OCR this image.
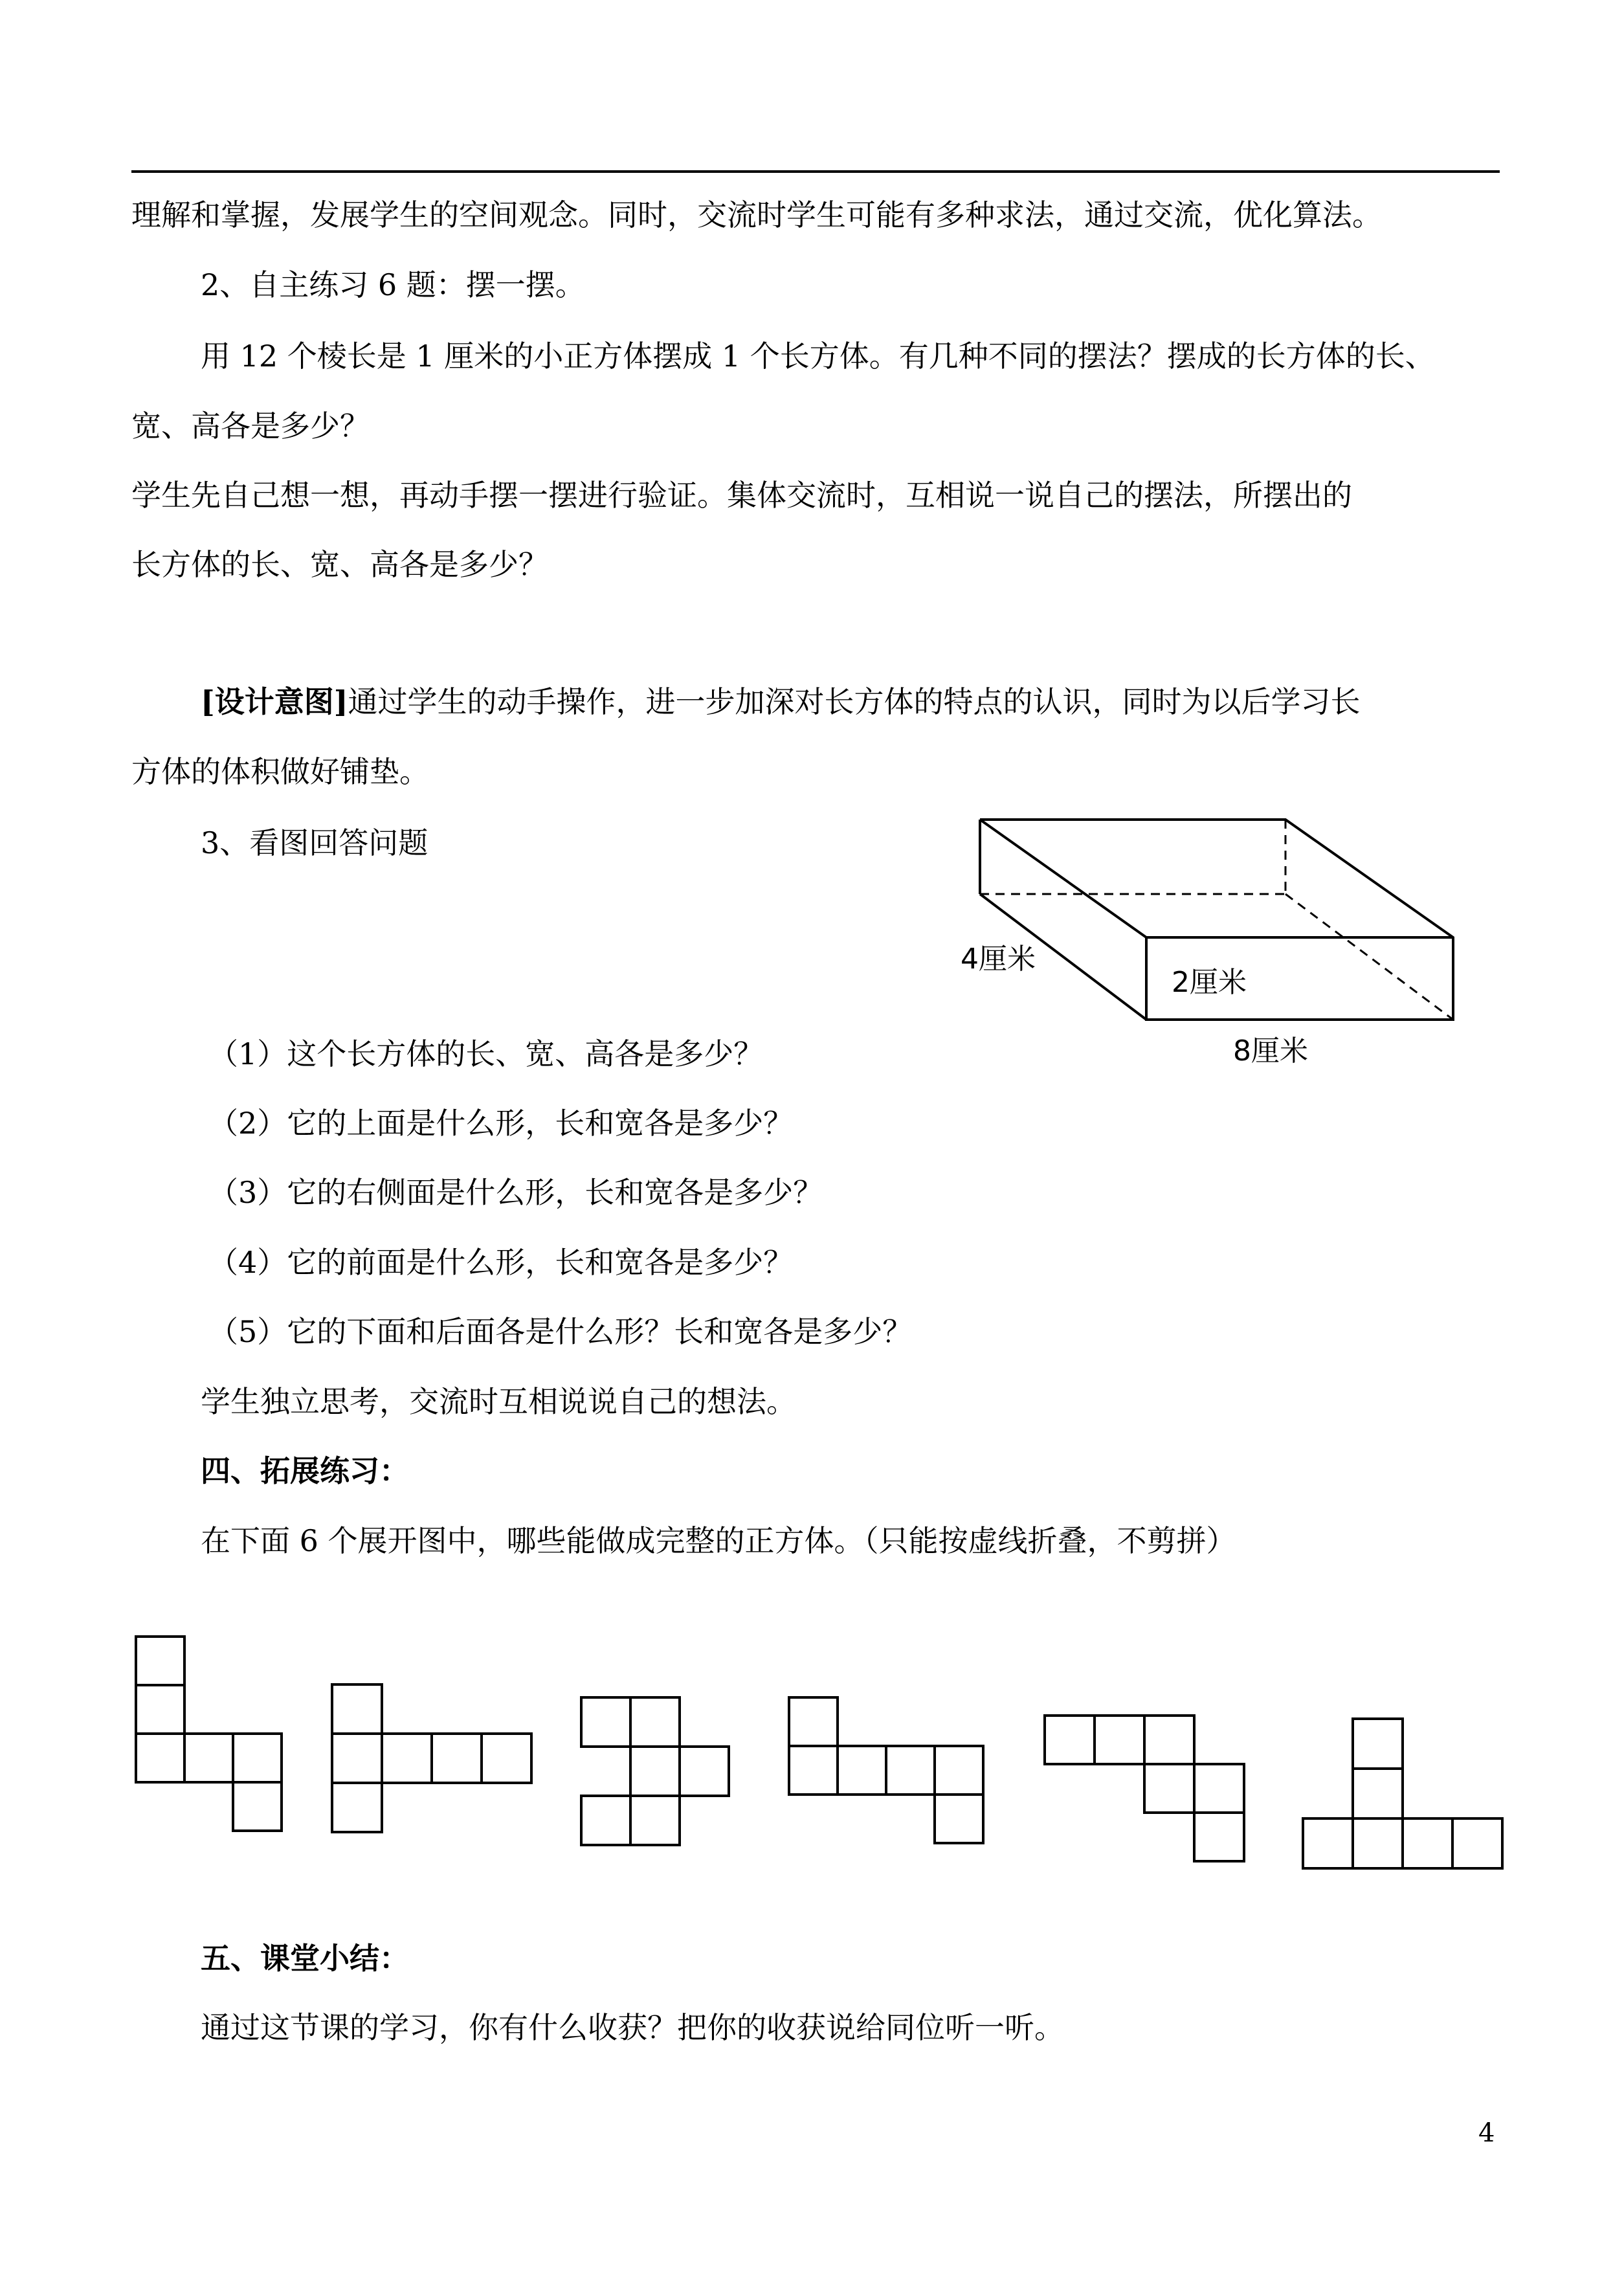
理解和掌握，发展学生的空间观念。同时，交流时学生可能有多种求法，通过交流，优化算法。
2、自主练习 6 题：摆一摆。
用 12 个棱长是 1 厘米的小正方体摆成 1 个长方体。有几种不同的摆法？摆成的长方体的长、
宽、高各是多少？
学生先自己想一想，再动手摆一摆进行验证。集体交流时，互相说一说自己的摆法，所摆出的
长方体的长、宽、高各是多少？
[设计意图]通过学生的动手操作，进一步加深对长方体的特点的认识，同时为以后学习长
方体的体积做好铺垫。
3、看图回答问题
4厘米
2厘米
8厘米
（1）这个长方体的长、宽、高各是多少？
（2）它的上面是什么形，长和宽各是多少？
（3）它的右侧面是什么形，长和宽各是多少？
（4）它的前面是什么形，长和宽各是多少？
（5）它的下面和后面各是什么形？长和宽各是多少？
学生独立思考，交流时互相说说自己的想法。
四、拓展练习：
在下面 6 个展开图中，哪些能做成完整的正方体。（只能按虚线折叠，不剪拼）
五、课堂小结：
通过这节课的学习，你有什么收获？把你的收获说给同位听一听。
4
